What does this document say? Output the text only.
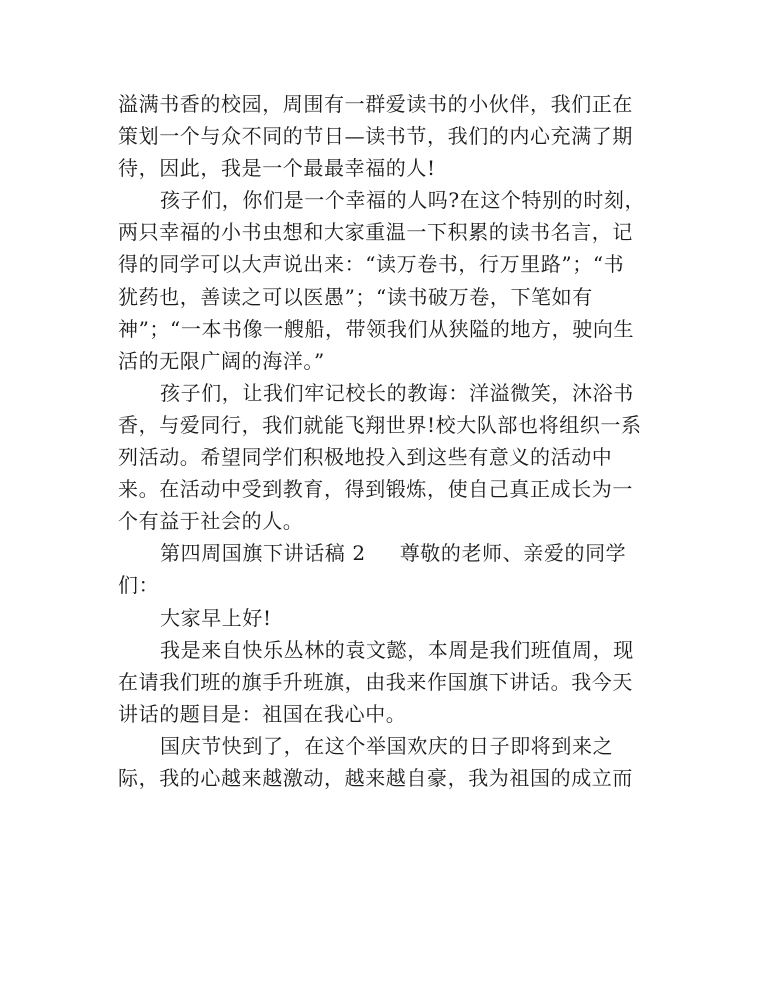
溢满书香的校园，周围有一群爱读书的小伙伴，我们正在
策划一个与众不同的节日—读书节，我们的内心充满了期
待，因此，我是一个最最幸福的人!
孩子们，你们是一个幸福的人吗?在这个特别的时刻，
两只幸福的小书虫想和大家重温一下积累的读书名言，记
得的同学可以大声说出来：“读万卷书，行万里路”；“书
犹药也，善读之可以医愚”；“读书破万卷，下笔如有
神”；“一本书像一艘船，带领我们从狭隘的地方，驶向生
活的无限广阔的海洋。”
孩子们，让我们牢记校长的教诲：洋溢微笑，沐浴书
香，与爱同行，我们就能飞翔世界!校大队部也将组织一系
列活动。希望同学们积极地投入到这些有意义的活动中
来。在活动中受到教育，得到锻炼，使自己真正成长为一
个有益于社会的人。
第四周国旗下讲话稿 2 尊敬的老师、亲爱的同学
们：
大家早上好!
我是来自快乐丛林的袁文懿，本周是我们班值周，现
在请我们班的旗手升班旗，由我来作国旗下讲话。我今天
讲话的题目是：祖国在我心中。
国庆节快到了，在这个举国欢庆的日子即将到来之
际，我的心越来越激动，越来越自豪，我为祖国的成立而
